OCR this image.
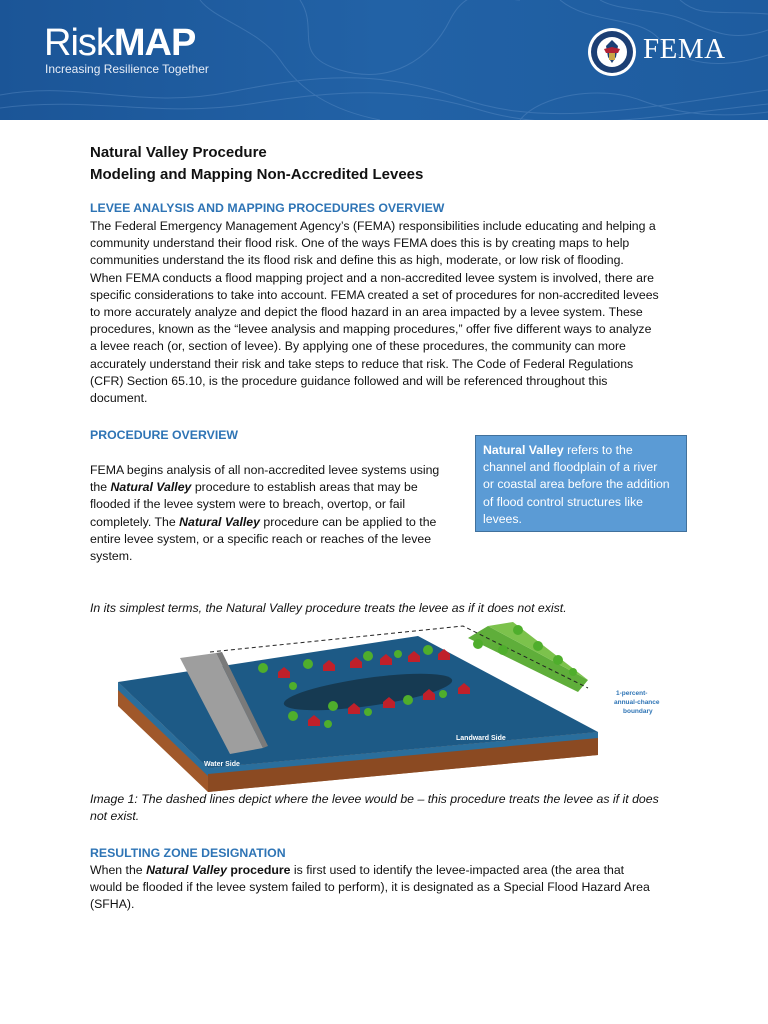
RiskMAP
Increasing Resilience Together
FEMA
Natural Valley Procedure
Modeling and Mapping Non-Accredited Levees
LEVEE ANALYSIS AND MAPPING PROCEDURES OVERVIEW
The Federal Emergency Management Agency’s (FEMA) responsibilities include educating and helping a
community understand their flood risk. One of the ways FEMA does this is by creating maps to help
communities understand the its flood risk and define this as high, moderate, or low risk of flooding.
When FEMA conducts a flood mapping project and a non-accredited levee system is involved, there are
specific considerations to take into account. FEMA created a set of procedures for non-accredited levees
to more accurately analyze and depict the flood hazard in an area impacted by a levee system. These
procedures, known as the “levee analysis and mapping procedures,” offer five different ways to analyze
a levee reach (or, section of levee). By applying one of these procedures, the community can more
accurately understand their risk and take steps to reduce that risk. The Code of Federal Regulations
(CFR) Section 65.10, is the procedure guidance followed and will be referenced throughout this
document.
PROCEDURE OVERVIEW
FEMA begins analysis of all non-accredited levee systems using
the Natural Valley procedure to establish areas that may be
flooded if the levee system were to breach, overtop, or fail
completely. The Natural Valley procedure can be applied to the
entire levee system, or a specific reach or reaches of the levee
system.
Natural Valley refers to the
channel and floodplain of a river
or coastal area before the addition
of flood control structures like
levees.
In its simplest terms, the Natural Valley procedure treats the levee as if it does not exist.
Water Side
Landward Side
1-percent-
annual-chance
boundary
Image 1: The dashed lines depict where the levee would be – this procedure treats the levee as if it does
not exist.
RESULTING ZONE DESIGNATION
When the Natural Valley procedure is first used to identify the levee-impacted area (the area that
would be flooded if the levee system failed to perform), it is designated as a Special Flood Hazard Area
(SFHA).
